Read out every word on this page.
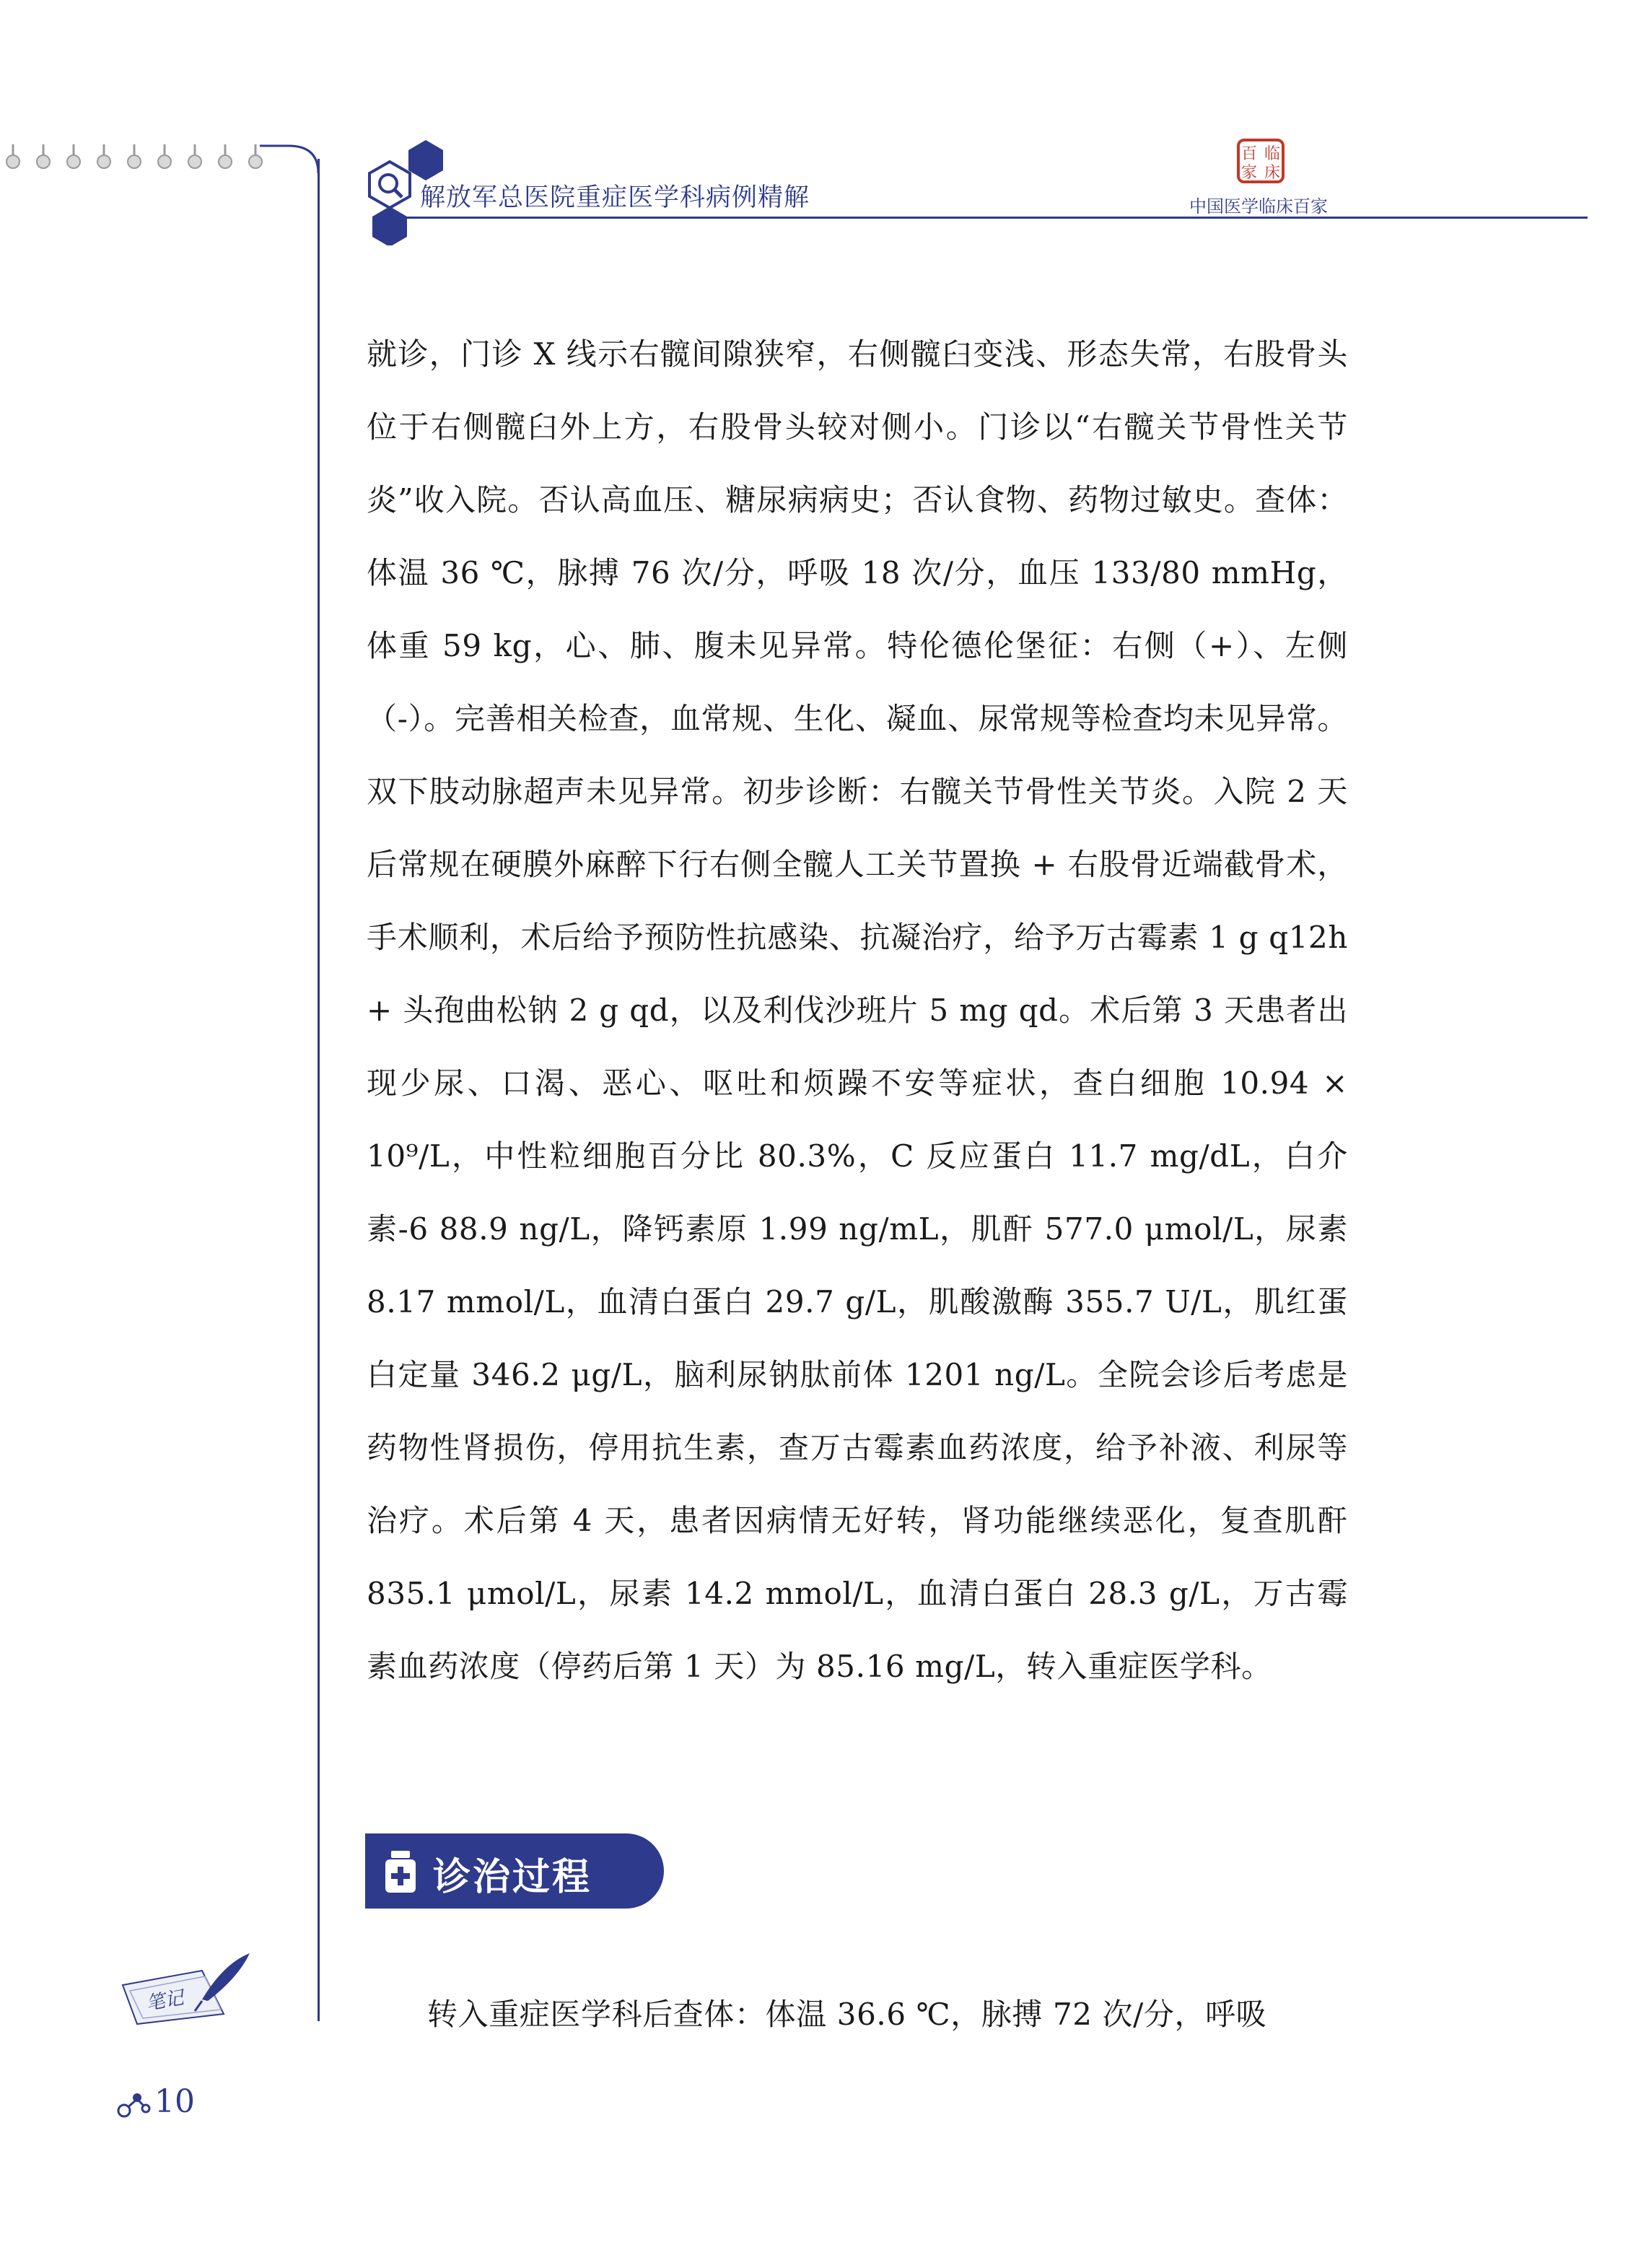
解放军总医院重症医学科病例精解
百 临
家 床
中国医学临床百家

就诊，门诊 X 线示右髋间隙狭窄，右侧髋臼变浅、形态失常，右股骨头位于右侧髋臼外上方，右股骨头较对侧小。门诊以“右髋关节骨性关节炎”收入院。否认高血压、糖尿病病史；否认食物、药物过敏史。查体：体温 36 ℃，脉搏 76 次/分，呼吸 18 次/分，血压 133/80 mmHg，体重 59 kg，心、肺、腹未见异常。特伦德伦堡征：右侧（+）、左侧（-）。完善相关检查，血常规、生化、凝血、尿常规等检查均未见异常。双下肢动脉超声未见异常。初步诊断：右髋关节骨性关节炎。入院 2 天后常规在硬膜外麻醉下行右侧全髋人工关节置换 + 右股骨近端截骨术，手术顺利，术后给予预防性抗感染、抗凝治疗，给予万古霉素 1 g q12h + 头孢曲松钠 2 g qd，以及利伐沙班片 5 mg qd。术后第 3 天患者出现少尿、口渴、恶心、呕吐和烦躁不安等症状，查白细胞 10.94 × 10⁹/L，中性粒细胞百分比 80.3%，C 反应蛋白 11.7 mg/dL，白介素-6 88.9 ng/L，降钙素原 1.99 ng/mL，肌酐 577.0 μmol/L，尿素 8.17 mmol/L，血清白蛋白 29.7 g/L，肌酸激酶 355.7 U/L，肌红蛋白定量 346.2 μg/L，脑利尿钠肽前体 1201 ng/L。全院会诊后考虑是药物性肾损伤，停用抗生素，查万古霉素血药浓度，给予补液、利尿等治疗。术后第 4 天，患者因病情无好转，肾功能继续恶化，复查肌酐 835.1 μmol/L，尿素 14.2 mmol/L，血清白蛋白 28.3 g/L，万古霉素血药浓度（停药后第 1 天）为 85.16 mg/L，转入重症医学科。

诊治过程
转入重症医学科后查体：体温 36.6 ℃，脉搏 72 次/分，呼吸
笔记
10
